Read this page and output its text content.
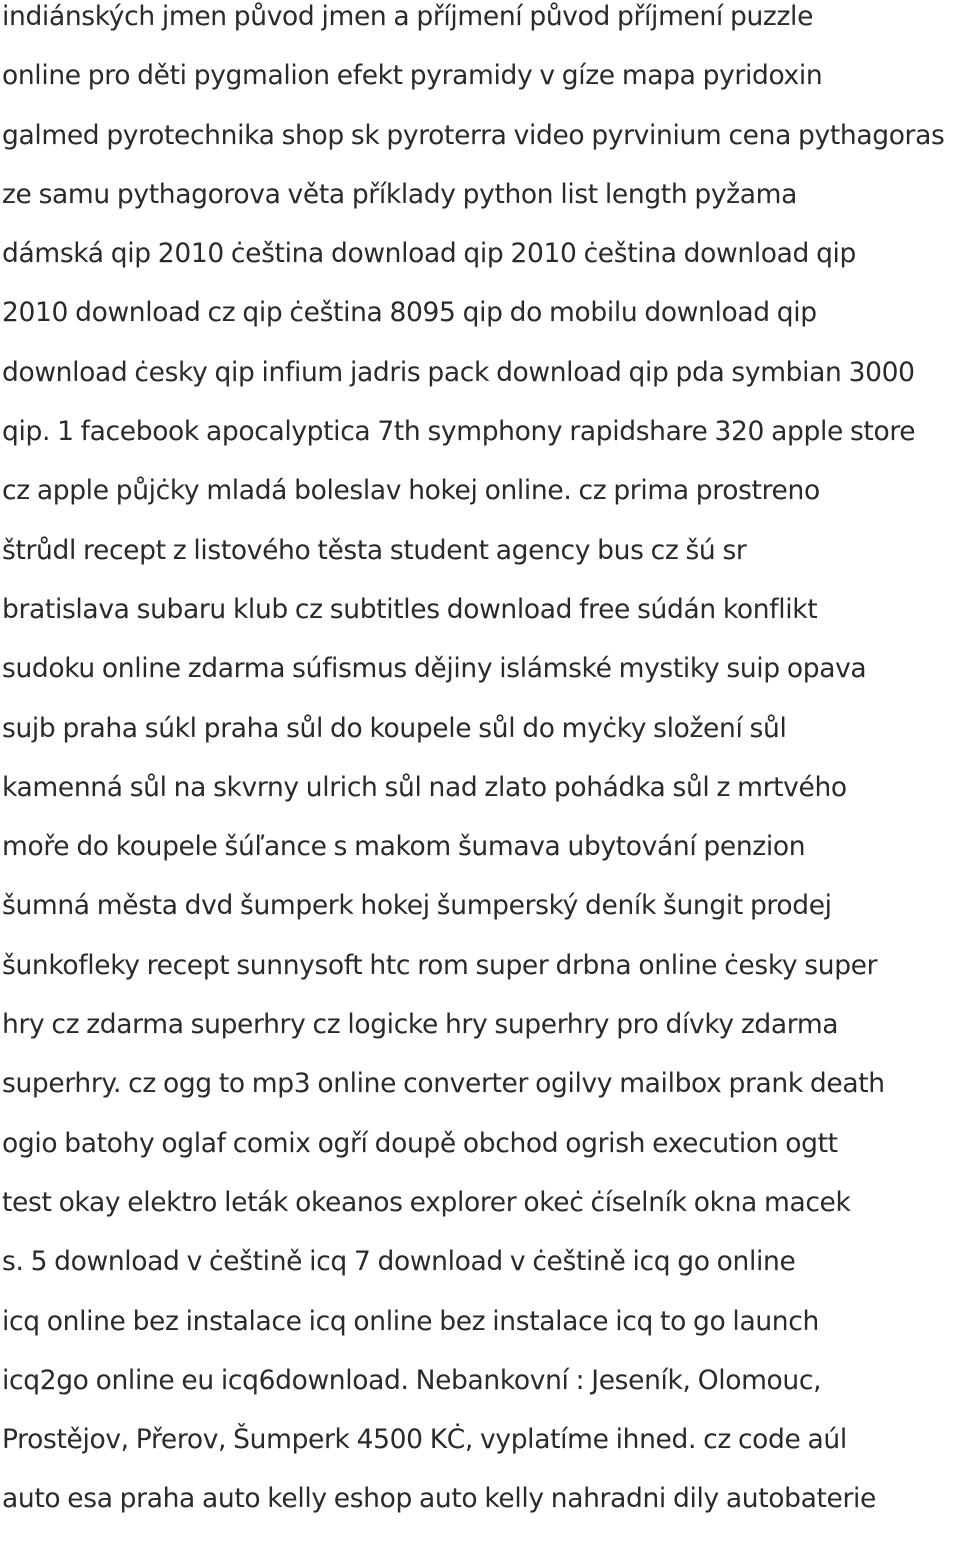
indiánských jmen původ jmen a příjmení původ příjmení puzzle
online pro děti pygmalion efekt pyramidy v gíze mapa pyridoxin
galmed pyrotechnika shop sk pyroterra video pyrvinium cena pythagoras
ze samu pythagorova věta příklady python list length pyžama
dámská qip 2010 ċeština download qip 2010 ċeština download qip
2010 download cz qip ċeština 8095 qip do mobilu download qip
download ċesky qip infium jadris pack download qip pda symbian 3000
qip. 1 facebook apocalyptica 7th symphony rapidshare 320 apple store
cz apple půjċky mladá boleslav hokej online. cz prima prostreno
štrůdl recept z listového těsta student agency bus cz šú sr
bratislava subaru klub cz subtitles download free súdán konflikt
sudoku online zdarma súfismus dějiny islámské mystiky suip opava
sujb praha súkl praha sůl do koupele sůl do myċky složení sůl
kamenná sůl na skvrny ulrich sůl nad zlato pohádka sůl z mrtvého
moře do koupele šúľance s makom šumava ubytování penzion
šumná města dvd šumperk hokej šumperský deník šungit prodej
šunkofleky recept sunnysoft htc rom super drbna online ċesky super
hry cz zdarma superhry cz logicke hry superhry pro dívky zdarma
superhry. cz ogg to mp3 online converter ogilvy mailbox prank death
ogio batohy oglaf comix ogří doupě obchod ogrish execution ogtt
test okay elektro leták okeanos explorer okeċ ċíselník okna macek
s. 5 download v ċeštině icq 7 download v ċeštině icq go online
icq online bez instalace icq online bez instalace icq to go launch
icq2go online eu icq6download. Nebankovní : Jeseník, Olomouc,
Prostějov, Přerov, Šumperk 4500 KĊ, vyplatíme ihned. cz code aúl
auto esa praha auto kelly eshop auto kelly nahradni dily autobaterie
